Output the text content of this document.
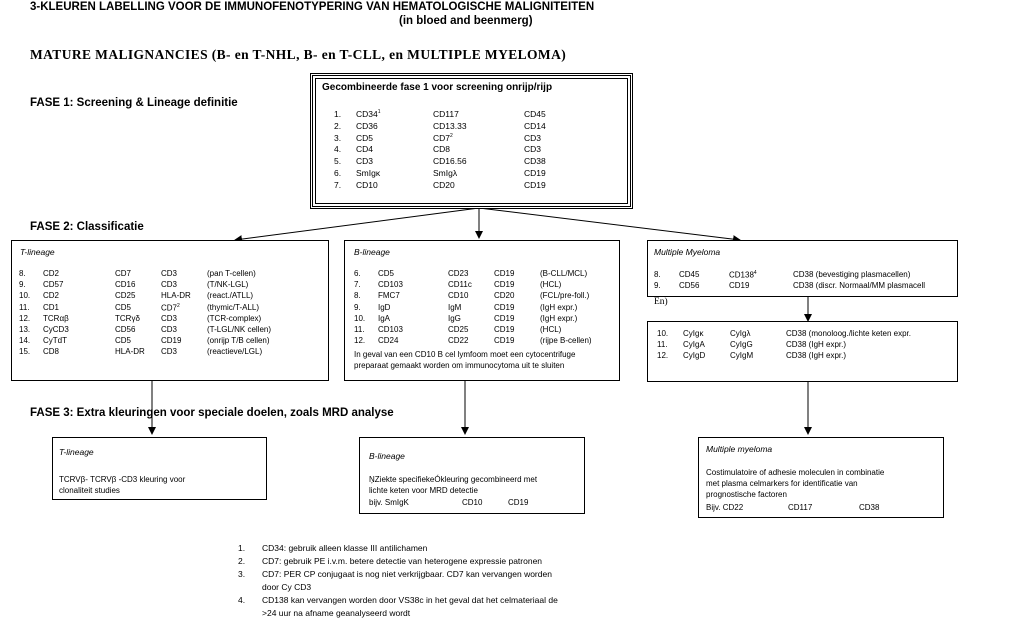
3-KLEUREN LABELLING VOOR DE IMMUNOFENOTYPERING VAN HEMATOLOGISCHE MALIGNITEITEN
(in bloed and beenmerg)
MATURE MALIGNANCIES (B- en T-NHL, B- en T-CLL, en MULTIPLE MYELOMA)
FASE 1: Screening & Lineage definitie
FASE 2: Classificatie
FASE 3: Extra kleuringen voor speciale doelen, zoals MRD analyse
Gecombineerde fase 1 voor screening onrijp/rijp
1. $CD34^1$	CD117	CD45
2. CD36	CD13.33	CD14
3. CD5	$CD7^2$	CD3
4. CD4	CD8	CD3
5. CD3	CD16.56	CD38
6. SmIgκ	SmIgλ	CD19
7. CD10	CD20	CD19
T-lineage
8. CD2	CD7	CD3	(pan T-cellen)
9. CD57	CD16	CD3	(T/NK-LGL)
10. CD2	CD25	HLA-DR (react./ATLL)
11. CD1	CD5	$CD7^2$	(thymic/T-ALL)
12. TCRαβ	TCRγδ	CD3	(TCR-complex)
13. CyCD3	CD56	CD3	(T-LGL/NK cellen)
14. CyTdT	CD5	CD19	(onrijp T/B cellen)
15. CD8	HLA-DR CD3	(reactieve/LGL)
B-lineage
6. CD5	CD23	CD19	(B-CLL/MCL)
7. CD103	CD11c	CD19	(HCL)
8. FMC7	CD10	CD20	(FCL/pre-foll.)
9. IgD	IgM	CD19	(IgH expr.)
10. IgA	IgG	CD19	(IgH expr.)
11. CD103	CD25	CD19	(HCL)
12. CD24	CD22	CD19	(rijpe B-cellen)
In geval van een CD10 B cel lymfoom moet een cytocentrifuge
preparaat gemaakt worden om immunocytoma uit te sluiten
Multiple Myeloma
8. CD45	$CD138^4$	CD38 (bevestiging plasmacellen)
9. CD56	CD19	CD38 (discr. Normaal/MM plasmacell
En)
10. CyIgκ	CyIgλ	CD38 (monoloog./lichte keten expr.
11. CyIgA	CyIgG	CD38 (IgH expr.)
12. CyIgD	CyIgM	CD38 (IgH expr.)
T-lineage
TCRVβ- TCRVβ -CD3 kleuring voor
clonaliteit studies
B-lineage
ŅZiekte specifiekeÓkleuring gecombineerd met
lichte keten voor MRD detectie
bijv. SmIgK	CD10	CD19
Multiple myeloma
Costimulatoire of adhesie moleculen in combinatie
met plasma celmarkers for identificatie van
prognostische factoren
Bijv. CD22	CD117	CD38
1. CD34: gebruik alleen klasse III antilichamen
2. CD7: gebruik PE i.v.m. betere detectie van heterogene expressie patronen
3. CD7: PER CP conjugaat is nog niet verkrijgbaar. CD7 kan vervangen worden
door Cy CD3
4. CD138 kan vervangen worden door VS38c in het geval dat het celmateriaal de
>24 uur na afname geanalyseerd wordt
